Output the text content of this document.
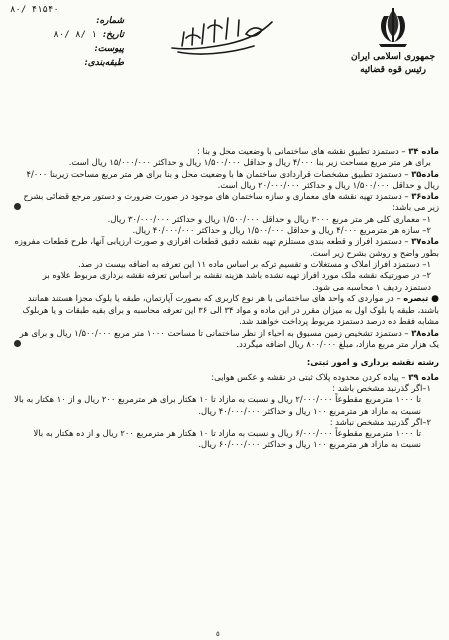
جمهوری اسلامی ایران
رئیس قوه قضائیه
۸۰/ ۴۱۵۴۰
شماره:
تاریخ:
۸۰/ ۸/ ۱
پیوست:
طبقه‌بندی:
ماده ۳۴ – دستمزد تطبیق نقشه های ساختمانی با وضعیت محل و بنا :
برای هر متر مربع مساحت زیر بنا ۴/۰۰۰ ریال و حداقل ۱/۵۰۰/۰۰۰ ریال و حداکثر ۱۵/۰۰۰/۰۰۰ ریال است.
ماده۳۵ – دستمزد تطبیق مشخصات قراردادی ساختمان ها با وضعیت محل و بنا برای هر متر مربع مساحت زیربنا ۴/۰۰۰ ریال و حداقل ۱/۵۰۰/۰۰۰ ریال و حداکثر ۲۰/۰۰۰/۰۰۰ ریال است.
ماده۳۶ – دستمزد تهیه نقشه های معماری و سازه ساختمان های موجود در صورت ضرورت و دستور مرجع قضائی بشرح زیر می باشد:
۱– معماری کلی هر متر مربع ۳۰۰۰ ریال و حداقل ۱/۵۰۰/۰۰۰ ریال و حداکثر ۳۰/۰۰۰/۰۰۰ ریال.
۲– سازه هر مترمربع ۴/۰۰۰ ریال و حداقل ۱/۵۰۰/۰۰۰ ریال و حداکثر ۴۰/۰۰۰/۰۰۰ ریال.
ماده۳۷ – دستمزد افراز و قطعه بندی مستلزم تهیه نقشه دقیق قطعات افرازی و صورت ارزیابی آنها، طرح قطعات مفروزه بطور واضح و روشن بشرح زیر است.
۱– دستمزد افراز املاک و مستغلات و تقسیم ترکه بر اساس ماده ۱۱ این تعرفه به اضافه بیست در صد.
۲– در صورتیکه نقشه ملک مورد افراز تهیه نشده باشد هزینه نقشه بر اساس تعرفه نقشه برداری مربوط علاوه بر دستمزد ردیف ۱ محاسبه می شود.
● تبصره – در مواردی که واحد های ساختمانی با هر نوع کاربری که بصورت آپارتمان، طبقه یا بلوک مجزا هستند همانند باشند، طبقه یا بلوک اول به میزان مقرر در این ماده و مواد ۳۴ الی ۳۶ این تعرفه محاسبه و برای بقیه طبقات و یا هربلوک مشابه فقط ده درصد دستمزد مربوط پرداخت خواهند شد.
ماده۳۸ – دستمزد تشخیص زمین مسبوق به احیاء از نظر ساختمانی تا مساحت ۱۰۰۰ متر مربع ۱/۵۰۰/۰۰۰ ریال و برای هر یک هزار متر مربع مازاد، مبلغ ۸۰۰/۰۰۰ ریال اضافه میگردد.
رشته نقشه برداری و امور ثبتی:
ماده ۳۹ – پیاده کردن محدوده پلاک ثبتی در نقشه و عکس هوایی:
۱–اگر گذرنبد مشخص باشد :
تا ۱۰۰۰ مترمربع مقطوعاً ۲/۰۰۰/۰۰۰ ریال و نسبت به مازاد تا ۱۰ هکتار برای هر مترمربع ۲۰۰ ریال و از ۱۰ هکتار به بالا نسبت به مازاد هر مترمربع ۱۰۰ ریال و حداکثر ۴۰/۰۰۰/۰۰۰ ریال.
۲–اگر گذرنبد مشخص نباشد :
تا ۱۰۰۰ مترمربع مقطوعاً ۶/۰۰۰/۰۰۰ ریال و نسبت به مازاد تا ۱۰ هکتار هر مترمربع ۲۰۰ ریال و از ده هکتار به بالا نسبت به مازاد هر مترمربع ۱۰۰ ریال و حداکثر ۶۰/۰۰۰/۰۰۰ ریال.
٥
